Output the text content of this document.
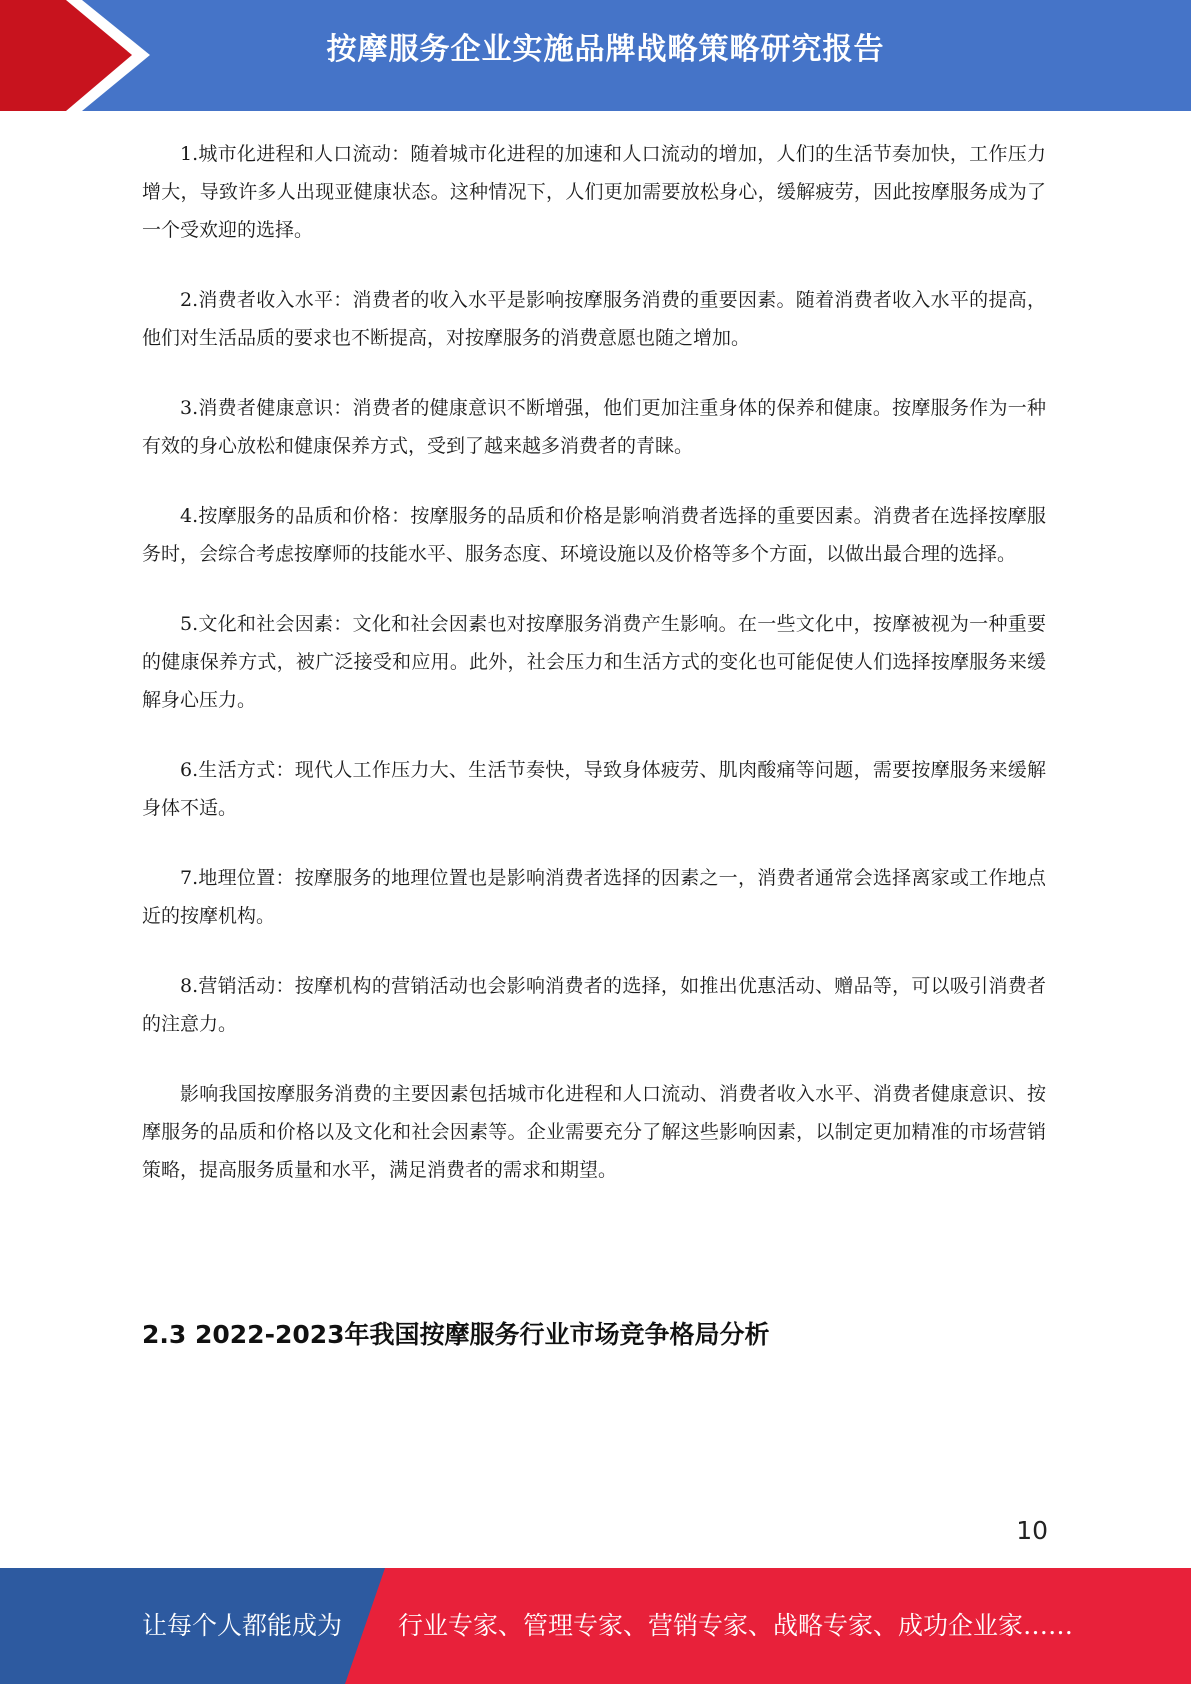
按摩服务企业实施品牌战略策略研究报告

1.城市化进程和人口流动：随着城市化进程的加速和人口流动的增加，人们的生活节奏加快，工作压力增大，导致许多人出现亚健康状态。这种情况下，人们更加需要放松身心，缓解疲劳，因此按摩服务成为了一个受欢迎的选择。

2.消费者收入水平：消费者的收入水平是影响按摩服务消费的重要因素。随着消费者收入水平的提高，他们对生活品质的要求也不断提高，对按摩服务的消费意愿也随之增加。

3.消费者健康意识：消费者的健康意识不断增强，他们更加注重身体的保养和健康。按摩服务作为一种有效的身心放松和健康保养方式，受到了越来越多消费者的青睐。

4.按摩服务的品质和价格：按摩服务的品质和价格是影响消费者选择的重要因素。消费者在选择按摩服务时，会综合考虑按摩师的技能水平、服务态度、环境设施以及价格等多个方面，以做出最合理的选择。

5.文化和社会因素：文化和社会因素也对按摩服务消费产生影响。在一些文化中，按摩被视为一种重要的健康保养方式，被广泛接受和应用。此外，社会压力和生活方式的变化也可能促使人们选择按摩服务来缓解身心压力。

6.生活方式：现代人工作压力大、生活节奏快，导致身体疲劳、肌肉酸痛等问题，需要按摩服务来缓解身体不适。

7.地理位置：按摩服务的地理位置也是影响消费者选择的因素之一，消费者通常会选择离家或工作地点近的按摩机构。

8.营销活动：按摩机构的营销活动也会影响消费者的选择，如推出优惠活动、赠品等，可以吸引消费者的注意力。

影响我国按摩服务消费的主要因素包括城市化进程和人口流动、消费者收入水平、消费者健康意识、按摩服务的品质和价格以及文化和社会因素等。企业需要充分了解这些影响因素，以制定更加精准的市场营销策略，提高服务质量和水平，满足消费者的需求和期望。

2.3 2022-2023年我国按摩服务行业市场竞争格局分析
10
让每个人都能成为 行业专家、管理专家、营销专家、战略专家、成功企业家……
